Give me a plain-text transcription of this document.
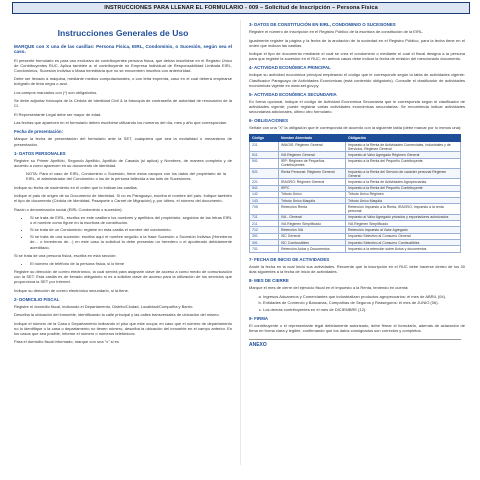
INSTRUCCIONES PARA LLENAR EL FORMULARIO - 009 – Solicitud de Inscripción – Persona Física
Instrucciones Generales de Uso

MARQUE con X una de las casillas: Persona Física, EIRL, Condominio, o Sucesión, según sea el caso.

El presente formulario es para uso exclusivo de contribuyentes persona física, que deban inscribirse en el Registro Único de Contribuyentes RUC. Aplica también a: el contribuyente no Empresa Individual de Responsabilidad Limitada EIRL, Condominios, Sucesión Indivisa o Masa hereditaria que no se encuentren inscritos con anterioridad.

Debe ser llenado a máquina, mediante medios computacionales, o con letra imprenta, caso en el cual deberá emplearse bolígrafo de tinta negra o azul.

Los campos marcados con (*) son obligatorios.

Se debe adjuntar fotocopia de la Cédula de Identidad Civil & la fotocopia de contraseña de autoridad de renovación de la CI.

El Representante Legal debe ser mayor de edad.

Las fechas que aparecen en el formulario deben escribirse utilizando los números del día, mes y año que correspondan.

Fecha de presentación:

Marque la fecha de presentación del formulario ante la SET, cualquiera que sea la modalidad o mecanismo de presentación.

1- DATOS PERSONALES

Registre su Primer Apellido, Segundo Apellido, Apellido de Casada (si aplica) y Nombres, de manera completa y de acuerdo a como aparecen en su documento de identidad.

NOTA: Para el caso de EIRL, Condominio o Sucesión, tiene estos campos con los datos del propietario de la EIRL, el administrador del Condominio o los de la persona fallecida a las tuits de Sucesiones.

Indique su fecha de nacimiento en el orden que lo indican las casillas.

Indique el país de origen de su Documento de Identidad. Si no es Paraguayo, escriba el nombre del país. Indique también el tipo de documento (Cédula de Identidad, Pasaporte o Carnet de Migración) y, por último, el número del documento.

Razón o denominación social (EIRL Condominio o sucesión):

• Si se trata de EIRL, escriba en este casillero los nombres y apellidos del propietario, seguidos de las letras EIRL o el nombre como figure en la escritura de constitución.
• Si se trata de un Condominio: registre en esta casilla el nombre del condominio.
• Si se trata de una sucesión: escriba aquí el nombre seguido a la frase Sucesión o Sucesión Indivisa (Herederos de… o herederos de…) en este caso la solicitud la debe presentar un heredero o el apoderado debidamente acreditado.

Si se trata de una persona física, escriba en esta sección:

• El número de teléfono de la persona física, si lo tiene

Registre su dirección de correo electrónico, la cual servirá para asignarle clave de acceso a como medio de comunicación con la SET. Esta casilla es de llenado obligatorio si es a solicitar clave de acceso para la utilización de los servicios que proporciona la SET por Internet.

Indique su dirección de correo electrónico secundario, si la tiene.

2- DOMICILIO FISCAL

Registre el domicilio fiscal, indicando el Departamento, Distrito/Ciudad, Localidad/Compañía y Barrio.

Describa la ubicación del inmueble, identificando la calle principal y las calles transversales de ubicación del mismo.

Indique el número de la Casa o Departamento indicando el piso que este ocupa; en caso que el número de departamento no lo identifique o la casa o departamento no tienen número, describa la ubicación del inmueble en el campo anterior. En los casos que sea posible, informe el número o números telefónicos.

Para el domicilio fiscal informado, marque con una "x" si es

3- DATOS DE CONSTITUCIÓN EN EIRL, CONDOMINIO O SUCESIONES

Registre el número de inscripción en el Registro Público de la escritura de constitución de la EIRL.

Igualmente registre la página y la fecha de la anotación de la sociedad en el Registro Público, para la fecha tiene en el orden que indican las casillas.

Indique el tipo de documento mediante el cual se crea el condominio o mediante el cual el fiscal designa a la persona para que registre la sucesión en el RUC; en ambos casos debe indicar la fecha de emisión del mencionado documento.

4- ACTIVIDAD ECONÓMICA PRINCIPAL

Indique su actividad económica principal empleando el código que le corresponde según la tabla de actividades vigente: Clasificador Paraguayo de Actividades Económicas (está contenido obligatorio). Consulte el clasificador de actividades económicas vigente en www.set.gov.py

5- ACTIVIDAD ECONÓMICA SECUNDARIA

En forma opcional, indique el código de Actividad Económica Secundaria que le corresponda según el clasificador de actividades vigente; puede registrar varias actividades económicas secundarias. Se recomienda indicar actividades secundarias adicionales, último otro formulario.

6- OBLIGACIONES

Señale con una "X" la obligación que le corresponda de acuerdo con la siguiente tabla (debe marcar por lo menos una):

Código	Nombre Abreviado	Obligación
211	IMAGIS: Régimen General	Impuesto a la Renta de Actividades Comerciales, Industriales y de Servicios, Régimen General
511	IVA Régimen General	Impuesto al Valor Agregado Régimen General
591	IRP: Régimen de Pequeños Contribuyentes	Impuesto a la Renta del Pequeño Contribuyente
521	Renta Personal: Régimen General	Impuesto a la Renta del Servicio de carácter personal Régimen General
221	IRAGRO: Régimen General	Impuesto a la Renta de Actividades Agropecuarias
541	IRPC	Impuesto a la Renta del Pequeño Contribuyente
142	Tributo Único	Tributo Único Régimen
143	Tributo Único Maquila	Tributo Único Maquila
705	Retención Renta	Retención Impuesto a la Renta, IRAGRO, Impuesto a la renta personal
711	IVA - General	Impuesto al Valor Agregado privados y exportadores autorizados
211	IVA Régimen Simplificado	IVA Régimen Simplificado
712	Retención IVA	Retención Impuesto al Valor Agregado
391	ISC General	Impuesto Selectivo al Consumo General
391	ISC Combustibles	Impuesto Selectivo al Consumo Combustibles
701	Retención Actos y Documentos	Impuesto a la retención sobre Actos y documentos
7- FECHA DE INICIO DE ACTIVIDADES

Anote la fecha en la cual inició sus actividades. Recuerde que la inscripción en el RUC debe hacerse dentro de los 30 días siguientes a la fecha de inicio de actividades.

8- MES DE CIERRE

Marque el mes de cierre del ejercicio fiscal en el impuesto a la Renta, teniendo en cuenta:

a. Ingresos Aduaneros y Comerciantes que industrializan productos agropecuarios: el mes de ABRIL (04).
b. Entidades de Comercio y Bancarias, Compañías de Seguros y Reaseguros: el mes de JUNIO (06).
c. Los demás contribuyentes en el mes de DICIEMBRE (12).
9- FIRMA

El contribuyente o el representante legal debidamente autorizado, debe firmar el formulario, además de aclaración de firma en forma clara y legible, confirmando que los datos consignados son correctos y completos.

ANEXO
